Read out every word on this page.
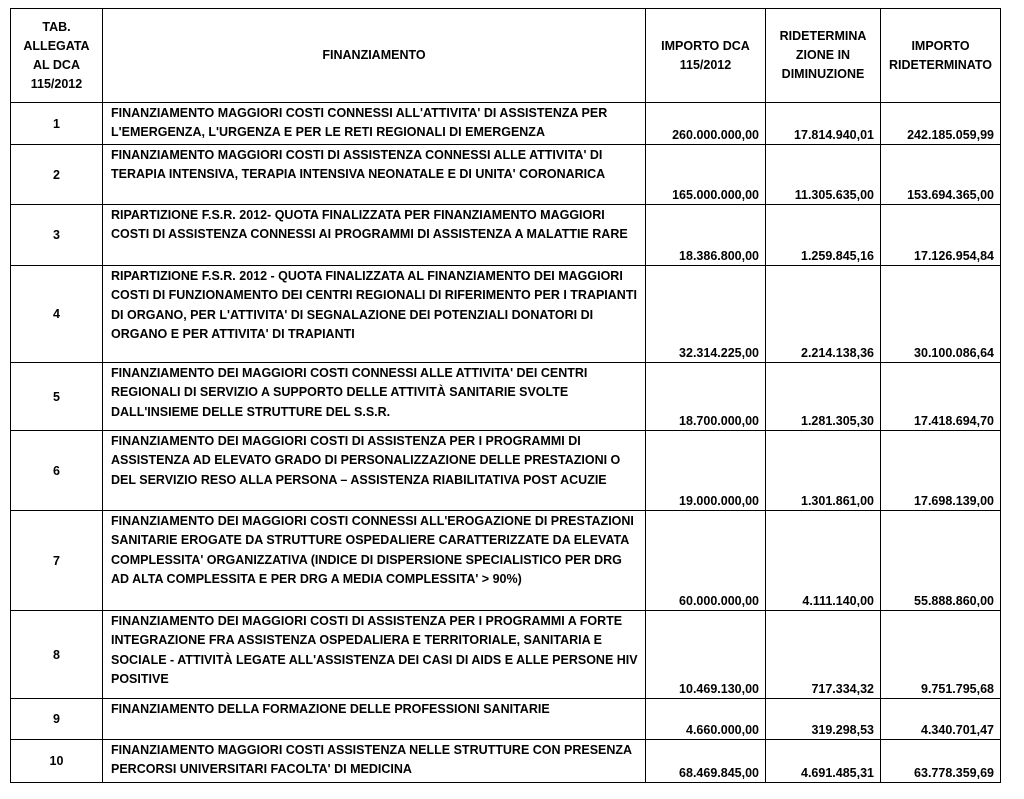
TAB. ALLEGATA AL DCA 115/2012	FINANZIAMENTO	IMPORTO DCA 115/2012	RIDETERMINA ZIONE IN DIMINUZIONE	IMPORTO RIDETERMINATO
1	FINANZIAMENTO MAGGIORI COSTI CONNESSI ALL'ATTIVITA' DI ASSISTENZA PER L'EMERGENZA, L'URGENZA E PER LE RETI REGIONALI DI EMERGENZA	260.000.000,00	17.814.940,01	242.185.059,99
2	FINANZIAMENTO MAGGIORI COSTI DI ASSISTENZA CONNESSI ALLE ATTIVITA' DI TERAPIA INTENSIVA, TERAPIA INTENSIVA NEONATALE E DI UNITA' CORONARICA	165.000.000,00	11.305.635,00	153.694.365,00
3	RIPARTIZIONE F.S.R. 2012- QUOTA FINALIZZATA PER FINANZIAMENTO MAGGIORI COSTI DI ASSISTENZA CONNESSI AI PROGRAMMI DI ASSISTENZA A MALATTIE RARE	18.386.800,00	1.259.845,16	17.126.954,84
4	RIPARTIZIONE F.S.R. 2012 - QUOTA FINALIZZATA AL FINANZIAMENTO DEI MAGGIORI COSTI DI FUNZIONAMENTO DEI CENTRI REGIONALI DI RIFERIMENTO PER I TRAPIANTI DI ORGANO, PER L'ATTIVITA' DI SEGNALAZIONE DEI POTENZIALI DONATORI DI ORGANO E PER ATTIVITA' DI TRAPIANTI	32.314.225,00	2.214.138,36	30.100.086,64
5	FINANZIAMENTO DEI MAGGIORI COSTI CONNESSI ALLE ATTIVITA' DEI CENTRI REGIONALI DI SERVIZIO A SUPPORTO DELLE ATTIVITÀ SANITARIE SVOLTE DALL'INSIEME DELLE STRUTTURE DEL S.S.R.	18.700.000,00	1.281.305,30	17.418.694,70
6	FINANZIAMENTO DEI MAGGIORI COSTI DI ASSISTENZA PER I PROGRAMMI DI ASSISTENZA AD ELEVATO GRADO DI PERSONALIZZAZIONE DELLE PRESTAZIONI O DEL SERVIZIO RESO ALLA PERSONA – ASSISTENZA RIABILITATIVA POST ACUZIE	19.000.000,00	1.301.861,00	17.698.139,00
7	FINANZIAMENTO DEI MAGGIORI COSTI CONNESSI ALL'EROGAZIONE DI PRESTAZIONI SANITARIE EROGATE DA STRUTTURE OSPEDALIERE CARATTERIZZATE DA ELEVATA COMPLESSITA' ORGANIZZATIVA (INDICE DI DISPERSIONE SPECIALISTICO PER DRG AD ALTA COMPLESSITA E PER DRG A MEDIA COMPLESSITA' > 90%)	60.000.000,00	4.111.140,00	55.888.860,00
8	FINANZIAMENTO DEI MAGGIORI COSTI DI ASSISTENZA PER I PROGRAMMI A FORTE INTEGRAZIONE FRA ASSISTENZA OSPEDALIERA E TERRITORIALE, SANITARIA E SOCIALE - ATTIVITÀ LEGATE ALL'ASSISTENZA DEI CASI DI AIDS E ALLE PERSONE HIV POSITIVE	10.469.130,00	717.334,32	9.751.795,68
9	FINANZIAMENTO DELLA FORMAZIONE DELLE PROFESSIONI SANITARIE	4.660.000,00	319.298,53	4.340.701,47
10	FINANZIAMENTO MAGGIORI COSTI ASSISTENZA NELLE STRUTTURE CON PRESENZA PERCORSI UNIVERSITARI FACOLTA' DI MEDICINA	68.469.845,00	4.691.485,31	63.778.359,69
